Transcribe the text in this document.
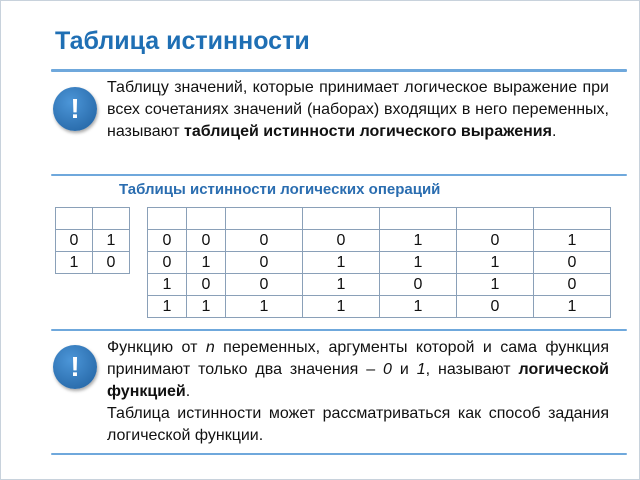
Таблица истинности
!

Таблицу значений, которые принимает логическое выражение при всех сочетаниях значений (наборах) входящих в него переменных, называют таблицей истинности логического выражения.

Таблицы истинности логических операций

0	1
1	0

0	0	0	0	1	0	1
0	1	0	1	1	1	0
1	0	0	1	0	1	0
1	1	1	1	1	0	1
!

Функцию от n переменных, аргументы которой и сама функция принимают только два значения – 0 и 1, называют логической функцией.

Таблица истинности может рассматриваться как способ задания логической функции.
